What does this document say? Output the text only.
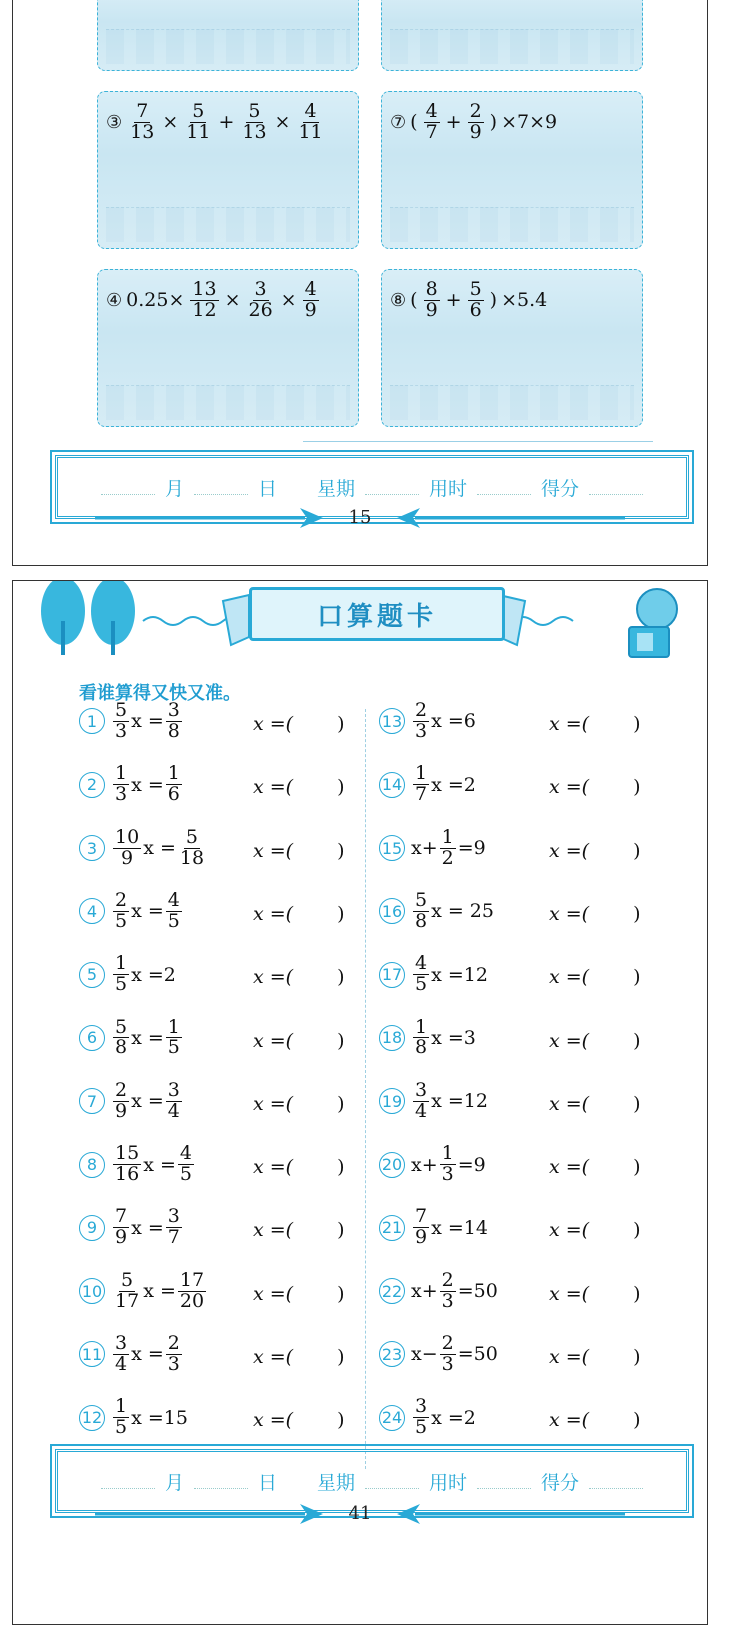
③ $\frac{7}{13} \times \frac{5}{11} + \frac{5}{13} \times \frac{4}{11}$	⑦ ( $\frac{4}{7} + \frac{2}{9}$ ) ×7×9
④ $0.25\times \frac{13}{12} \times \frac{3}{26} \times \frac{4}{9}$	⑧ ( $\frac{8}{9} + \frac{5}{6}$ ) ×5.4
月	日 星期	用时	得分
15
口算题卡
看谁算得又快又准。
$1 \frac{5}{3}$ $x = \frac{3}{8}$	x =( )
$2 \frac{1}{3}$ $x = \frac{1}{6}$	x =( )
$3 \frac{10}{9}$ $x = \frac{5}{18}$ x =( )
$4 \frac{2}{5}$ $x = \frac{4}{5}$	x =( )
$5 \frac{1}{5}$ x =2	x =( )
$6 \frac{5}{8}$ $x = \frac{1}{5}$	x =( )
$7 \frac{2}{9}$ $x = \frac{3}{4}$	x =( )
$8 \frac{15}{16}$ $x = \frac{4}{5}$	x =( )
$9 \frac{7}{9}$ $x = \frac{3}{7}$	x =( )
$10 \frac{5}{17}$ $x = \frac{17}{20}$ x =( )
$11 \frac{3}{4}$ $x = \frac{2}{3}$	x =( )
$12 \frac{1}{5}$ x =15	x =( )
$13 \frac{2}{3}$ x =6	x =( )
$14 \frac{1}{7}$ x =2	x =( )
15 $x+ \frac{1}{2} =9$	x =( )
$16 \frac{5}{8}$ x = 25	x =( )
$17 \frac{4}{5}$ x =12	x =( )
$18 \frac{1}{8}$ x =3	x =( )
$19 \frac{3}{4}$ x =12	x =( )
20 $x+ \frac{1}{3} =9$	x =( )
$21 \frac{7}{9}$ x =14	x =( )
22 $x+ \frac{2}{3} =50$	x =( )
23 $x- \frac{2}{3} =50$	x =( )
$24 \frac{3}{5}$ x =2	x =( )
月	日 星期	用时	得分
41
